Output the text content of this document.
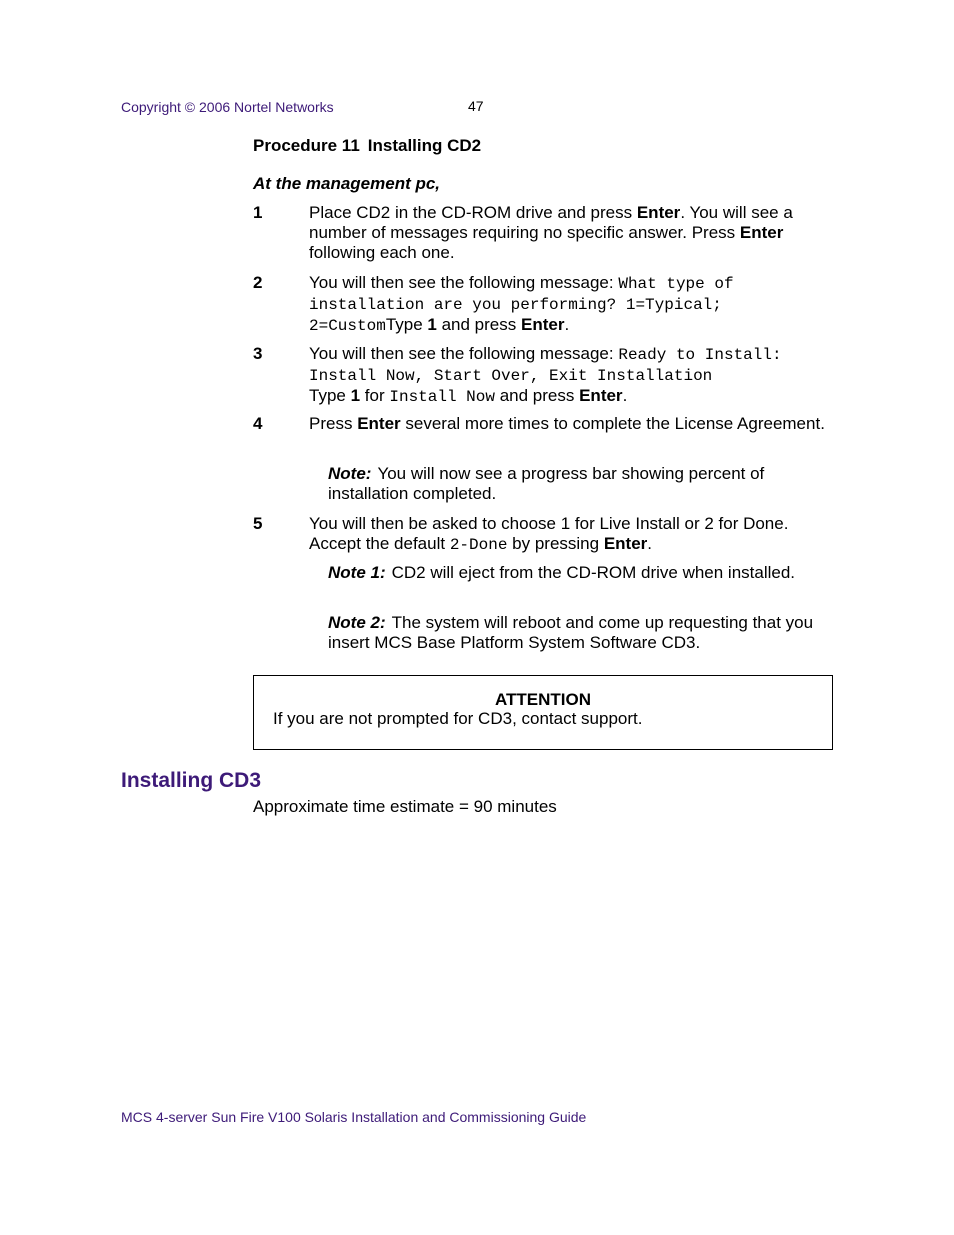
Copyright © 2006 Nortel Networks	47
Procedure 11 Installing CD2
At the management pc,
1	Place CD2 in the CD-ROM drive and press Enter. You will see a number of messages requiring no specific answer. Press Enter following each one.
2	You will then see the following message: What type of installation are you performing? 1=Typical; 2=CustomType 1 and press Enter.
3	You will then see the following message: Ready to Install: Install Now, Start Over, Exit Installation
Type 1 for Install Now and press Enter.
4	Press Enter several more times to complete the License Agreement.
Note: You will now see a progress bar showing percent of installation completed.
5	You will then be asked to choose 1 for Live Install or 2 for Done. Accept the default 2-Done by pressing Enter.
Note 1: CD2 will eject from the CD-ROM drive when installed.
Note 2: The system will reboot and come up requesting that you insert MCS Base Platform System Software CD3.
ATTENTION
If you are not prompted for CD3, contact support.
Installing CD3
Approximate time estimate = 90 minutes
MCS 4-server Sun Fire V100 Solaris Installation and Commissioning Guide
